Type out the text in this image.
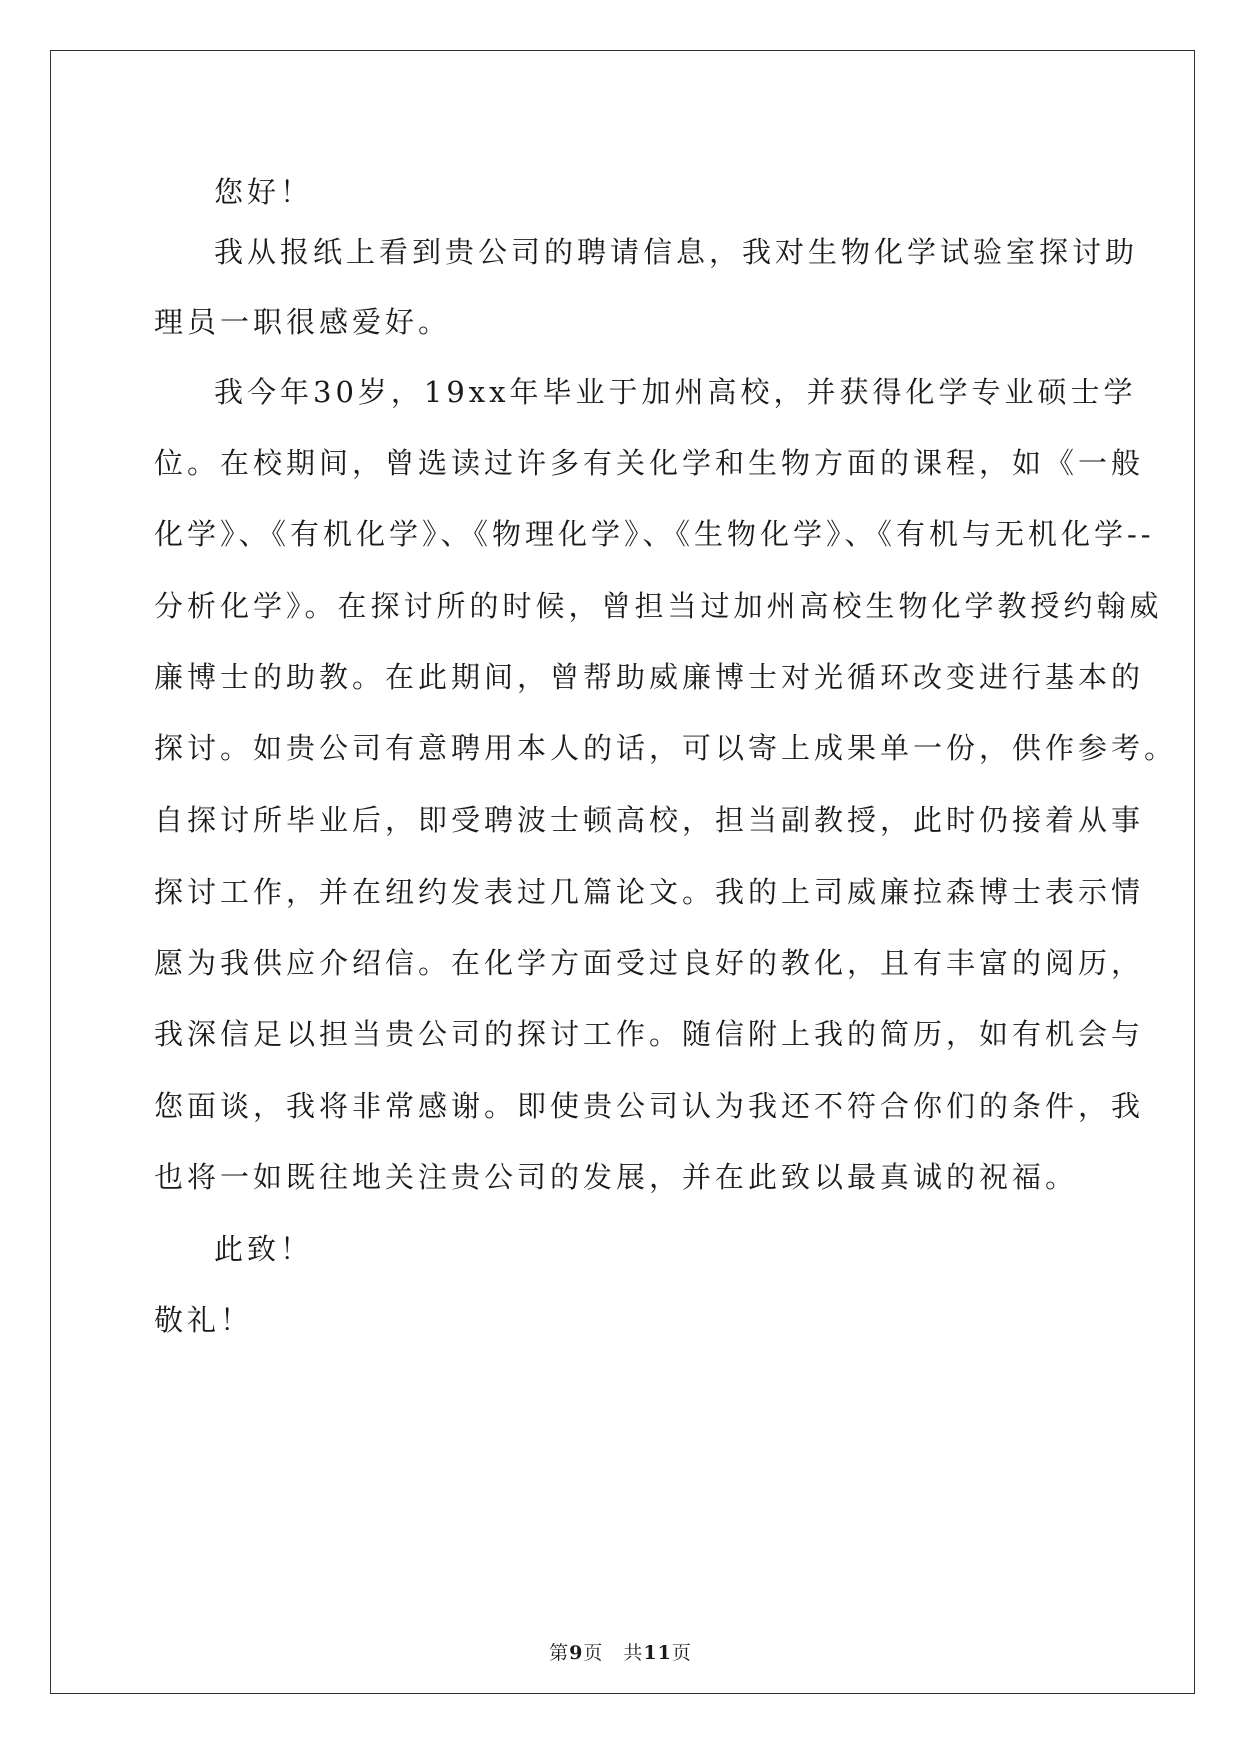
您好！
我从报纸上看到贵公司的聘请信息，我对生物化学试验室探讨助
理员一职很感爱好。
我今年30岁，19xx年毕业于加州高校，并获得化学专业硕士学
位。在校期间，曾选读过许多有关化学和生物方面的课程，如《一般
化学》、《有机化学》、《物理化学》、《生物化学》、《有机与无机化学--
分析化学》。在探讨所的时候，曾担当过加州高校生物化学教授约翰威
廉博士的助教。在此期间，曾帮助威廉博士对光循环改变进行基本的
探讨。如贵公司有意聘用本人的话，可以寄上成果单一份，供作参考。
自探讨所毕业后，即受聘波士顿高校，担当副教授，此时仍接着从事
探讨工作，并在纽约发表过几篇论文。我的上司威廉拉森博士表示情
愿为我供应介绍信。在化学方面受过良好的教化，且有丰富的阅历，
我深信足以担当贵公司的探讨工作。随信附上我的简历，如有机会与
您面谈，我将非常感谢。即使贵公司认为我还不符合你们的条件，我
也将一如既往地关注贵公司的发展，并在此致以最真诚的祝福。
此致！
敬礼！
第9页　共11页
